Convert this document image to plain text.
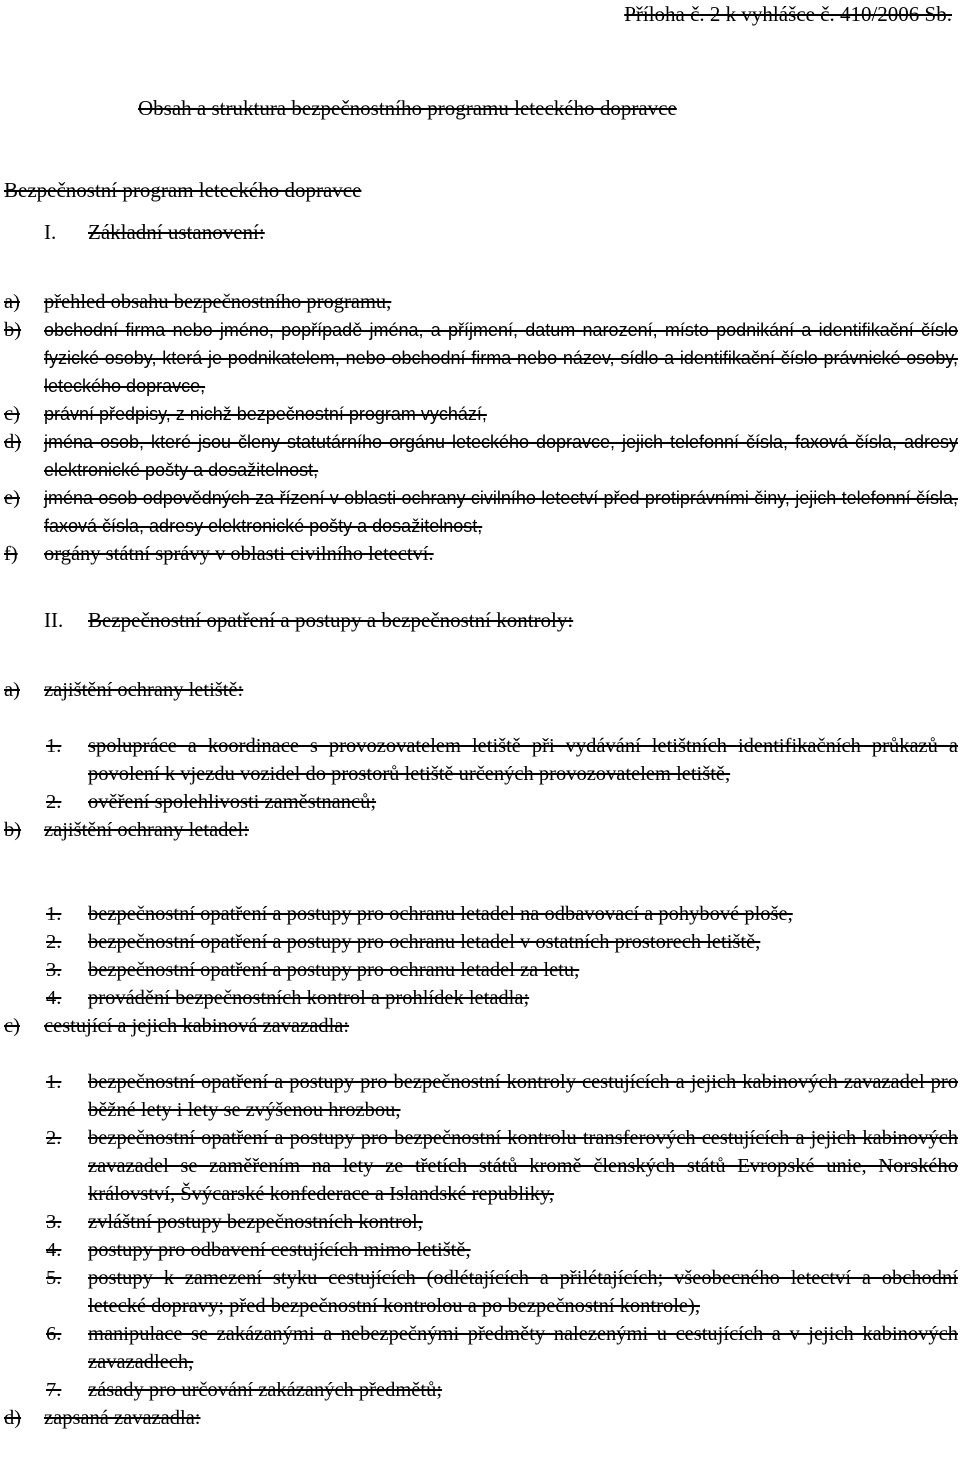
Příloha č. 2 k vyhlášce č. 410/2006 Sb.
Obsah a struktura bezpečnostního programu leteckého dopravce
Bezpečnostní program leteckého dopravce
I. Základní ustanovení:
a) přehled obsahu bezpečnostního programu,
b) obchodní firma nebo jméno, popřípadě jména, a příjmení, datum narození, místo podnikání a identifikační číslo fyzické osoby, která je podnikatelem, nebo obchodní firma nebo název, sídlo a identifikační číslo právnické osoby, leteckého dopravce,
c) právní předpisy, z nichž bezpečnostní program vychází,
d) jména osob, které jsou členy statutárního orgánu leteckého dopravce, jejich telefonní čísla, faxová čísla, adresy elektronické pošty a dosažitelnost,
e) jména osob odpovědných za řízení v oblasti ochrany civilního letectví před protiprávními činy, jejich telefonní čísla, faxová čísla, adresy elektronické pošty a dosažitelnost,
f) orgány státní správy v oblasti civilního letectví.
II. Bezpečnostní opatření a postupy a bezpečnostní kontroly:
a) zajištění ochrany letiště:
1. spolupráce a koordinace s provozovatelem letiště při vydávání letištních identifikačních průkazů a povolení k vjezdu vozidel do prostorů letiště určených provozovatelem letiště,
2. ověření spolehlivosti zaměstnanců;
b) zajištění ochrany letadel:
1. bezpečnostní opatření a postupy pro ochranu letadel na odbavovací a pohybové ploše,
2. bezpečnostní opatření a postupy pro ochranu letadel v ostatních prostorech letiště,
3. bezpečnostní opatření a postupy pro ochranu letadel za letu,
4. provádění bezpečnostních kontrol a prohlídek letadla;
c) cestující a jejich kabinová zavazadla:
1. bezpečnostní opatření a postupy pro bezpečnostní kontroly cestujících a jejich kabinových zavazadel pro běžné lety i lety se zvýšenou hrozbou,
2. bezpečnostní opatření a postupy pro bezpečnostní kontrolu transferových cestujících a jejich kabinových zavazadel se zaměřením na lety ze třetích států kromě členských států Evropské unie, Norského království, Švýcarské konfederace a Islandské republiky,
3. zvláštní postupy bezpečnostních kontrol,
4. postupy pro odbavení cestujících mimo letiště,
5. postupy k zamezení styku cestujících (odlétajících a přilétajících; všeobecného letectví a obchodní letecké dopravy; před bezpečnostní kontrolou a po bezpečnostní kontrole),
6. manipulace se zakázanými a nebezpečnými předměty nalezenými u cestujících a v jejich kabinových zavazadlech,
7. zásady pro určování zakázaných předmětů;
d) zapsaná zavazadla:
